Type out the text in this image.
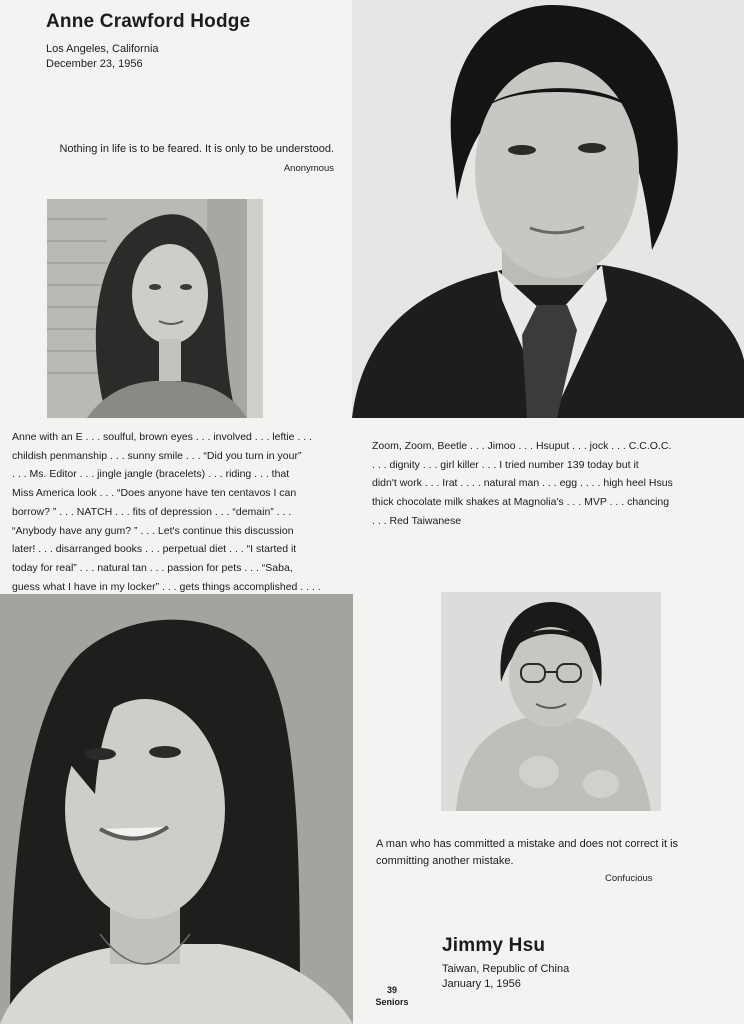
Anne Crawford Hodge
Los Angeles, California
December 23, 1956
Nothing in life is to be feared. It is only to be understood.
Anonymous
Anne with an E . . . soulful, brown eyes . . . involved . . . leftie . . .
childish penmanship . . . sunny smile . . . “Did you turn in your”
. . . Ms. Editor . . . jingle jangle (bracelets) . . . riding . . . that
Miss America look . . . “Does anyone have ten centavos I can
borrow? ” . . . NATCH . . . fits of depression . . . “demain” . . .
“Anybody have any gum? ” . . . Let's continue this discussion
later! . . . disarranged books . . . perpetual diet . . . “I started it
today for real” . . . natural tan . . . passion for pets . . . “Saba,
guess what I have in my locker” . . . gets things accomplished . . . .
Zoom, Zoom, Beetle . . . Jimoo . . . Hsuput . . . jock . . . C.C.O.C.
. . . dignity . . . girl killer . . . I tried number 139 today but it
didn't work . . . Irat . . . . natural man . . . egg . . . . high heel Hsus
thick chocolate milk shakes at Magnolia's . . . MVP . . . chancing
. . . Red Taiwanese
A man who has committed a mistake and does not correct it is
committing another mistake.
Confucious
Jimmy Hsu
Taiwan, Republic of China
January 1, 1956
39
Seniors
